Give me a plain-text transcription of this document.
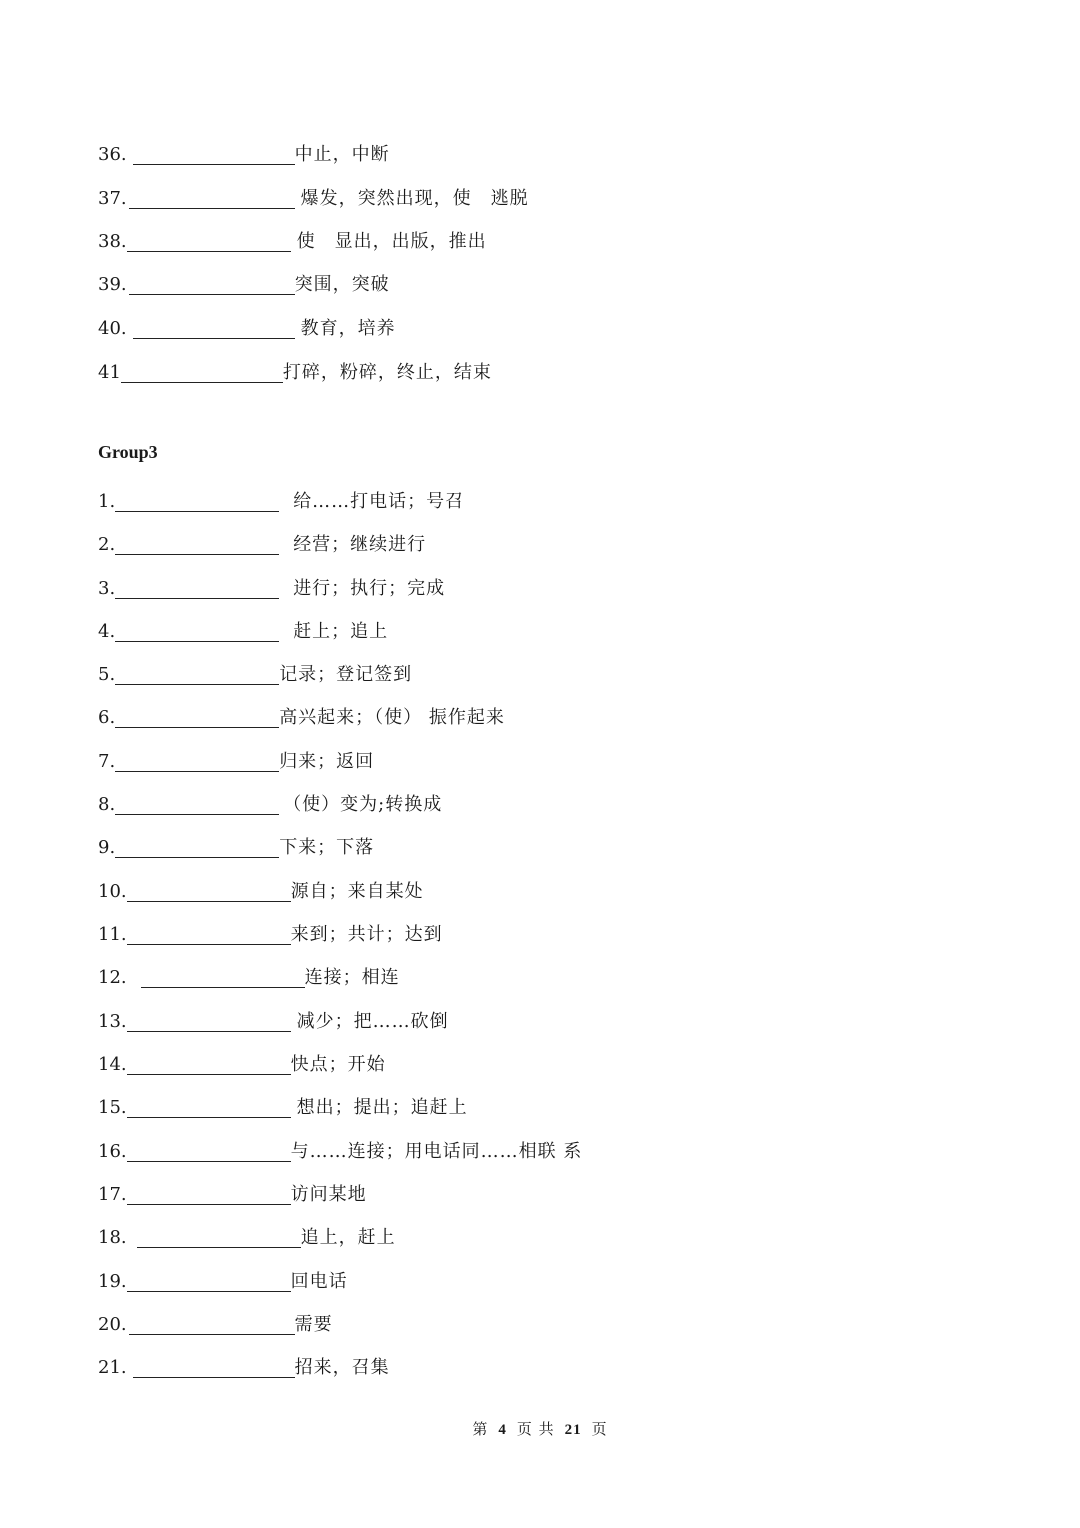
36.	中止，中断
37.	爆发，突然出现，使　逃脱
38.	使　显出，出版，推出
39.	突围，突破
40.	教育，培养
41	打碎，粉碎，终止，结束
Group3
1.	给……打电话；号召
2.	经营；继续进行
3.	进行；执行；完成
4.	赶上；追上
5.	记录；登记签到
6.	高兴起来；（使） 振作起来
7.	归来；返回
8.	（使）变为;转换成
9.	下来；下落
10.	源自；来自某处
11.	来到；共计；达到
12.	连接；相连
13.	减少；把……砍倒
14.	快点；开始
15.	想出；提出；追赶上
16.	与……连接；用电话同……相联 系
17.	访问某地
18.	追上，赶上
19.	回电话
20.	需要
21.	招来，召集
第 4 页 共 21 页
